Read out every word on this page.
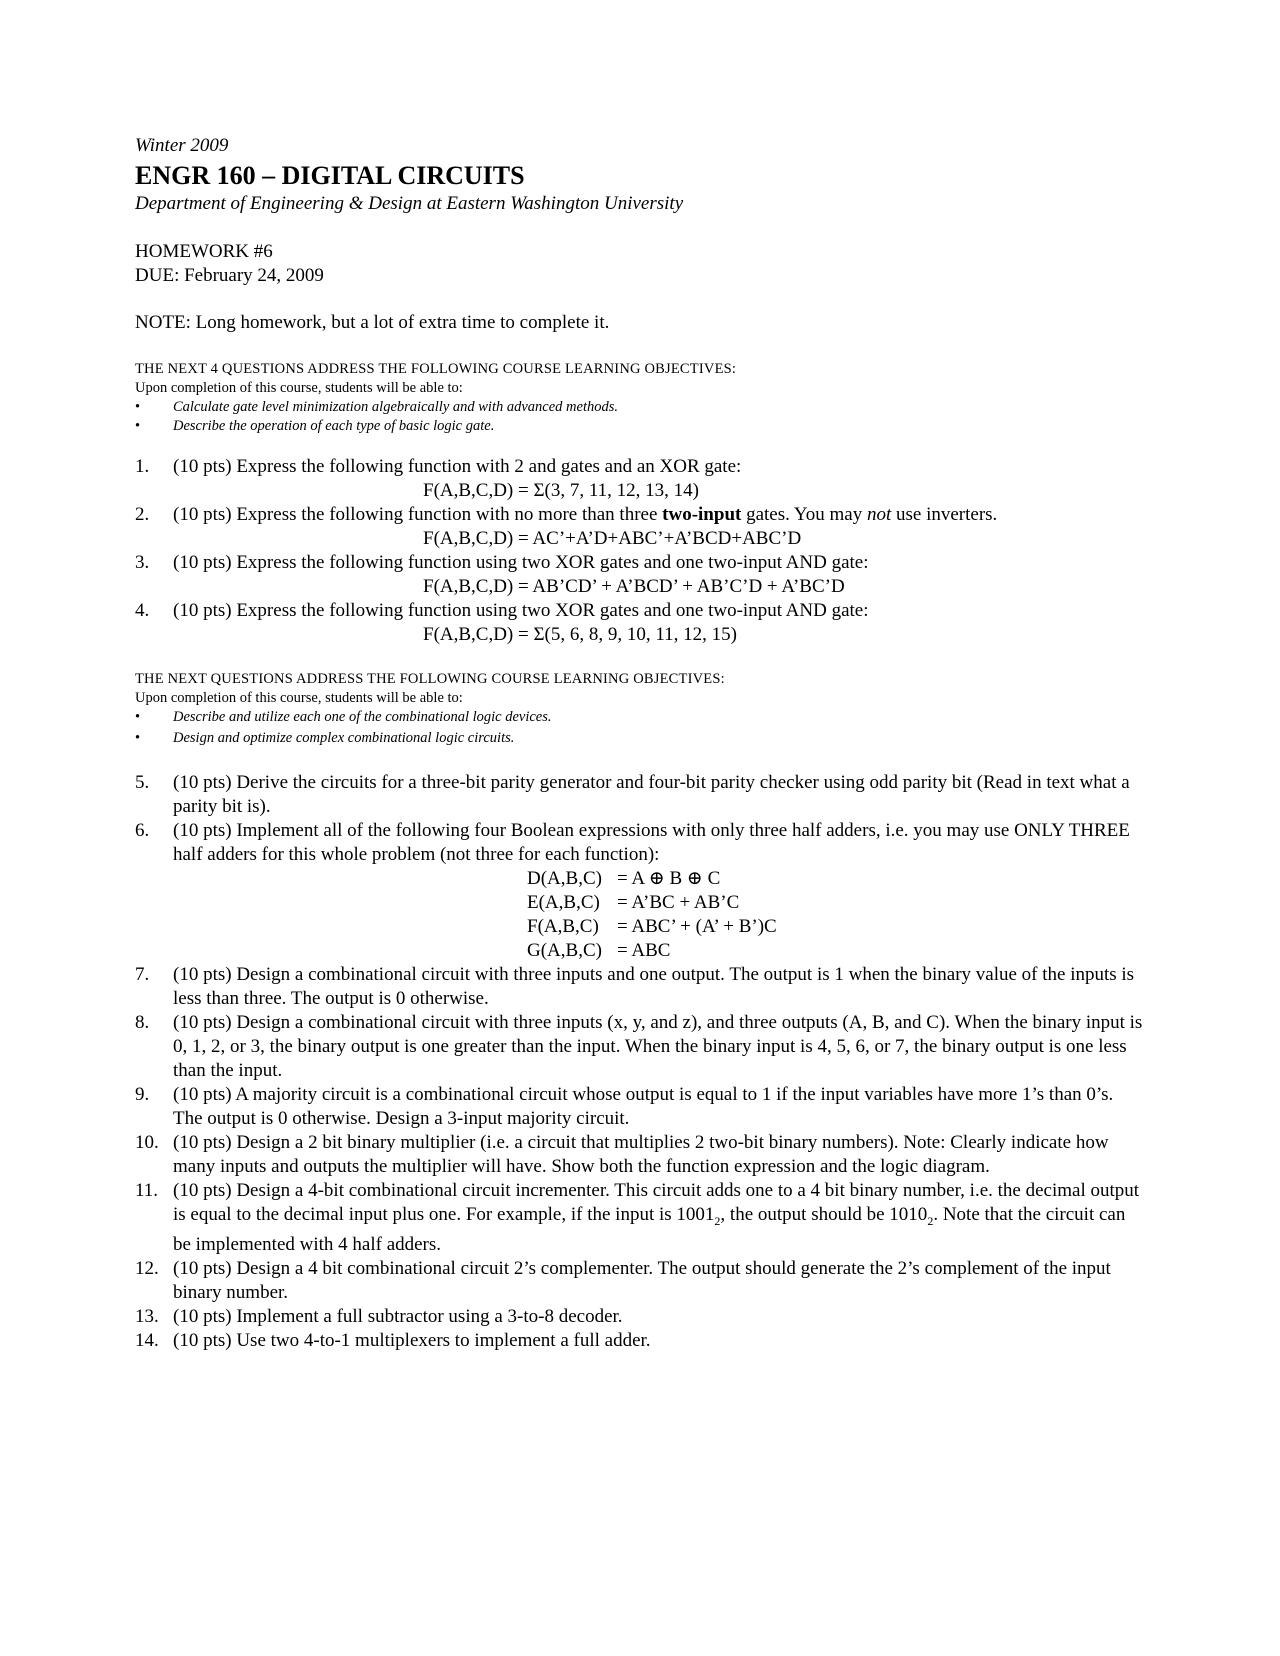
Winter 2009
ENGR 160 – DIGITAL CIRCUITS
Department of Engineering & Design at Eastern Washington University
HOMEWORK #6
DUE: February 24, 2009
NOTE: Long homework, but a lot of extra time to complete it.
THE NEXT 4 QUESTIONS ADDRESS THE FOLLOWING COURSE LEARNING OBJECTIVES:
Upon completion of this course, students will be able to:
• Calculate gate level minimization algebraically and with advanced methods.
• Describe the operation of each type of basic logic gate.
1. (10 pts) Express the following function with 2 and gates and an XOR gate:
F(A,B,C,D) = Σ(3, 7, 11, 12, 13, 14)
2. (10 pts) Express the following function with no more than three two-input gates. You may not use inverters.
F(A,B,C,D) = AC’+A’D+ABC’+A’BCD+ABC’D
3. (10 pts) Express the following function using two XOR gates and one two-input AND gate:
F(A,B,C,D) = AB’CD’ + A’BCD’ + AB’C’D + A’BC’D
4. (10 pts) Express the following function using two XOR gates and one two-input AND gate:
F(A,B,C,D) = Σ(5, 6, 8, 9, 10, 11, 12, 15)
THE NEXT QUESTIONS ADDRESS THE FOLLOWING COURSE LEARNING OBJECTIVES:
Upon completion of this course, students will be able to:
• Describe and utilize each one of the combinational logic devices.
• Design and optimize complex combinational logic circuits.
5. (10 pts) Derive the circuits for a three-bit parity generator and four-bit parity checker using odd parity bit (Read in text what a parity bit is).
6. (10 pts) Implement all of the following four Boolean expressions with only three half adders, i.e. you may use ONLY THREE half adders for this whole problem (not three for each function):
D(A,B,C) = A ⊕ B ⊕ C
E(A,B,C) = A’BC + AB’C
F(A,B,C) = ABC’ + (A’ + B’)C
G(A,B,C) = ABC
7. (10 pts) Design a combinational circuit with three inputs and one output. The output is 1 when the binary value of the inputs is less than three. The output is 0 otherwise.
8. (10 pts) Design a combinational circuit with three inputs (x, y, and z), and three outputs (A, B, and C). When the binary input is 0, 1, 2, or 3, the binary output is one greater than the input. When the binary input is 4, 5, 6, or 7, the binary output is one less than the input.
9. (10 pts) A majority circuit is a combinational circuit whose output is equal to 1 if the input variables have more 1’s than 0’s. The output is 0 otherwise. Design a 3-input majority circuit.
10. (10 pts) Design a 2 bit binary multiplier (i.e. a circuit that multiplies 2 two-bit binary numbers). Note: Clearly indicate how many inputs and outputs the multiplier will have. Show both the function expression and the logic diagram.
11. (10 pts) Design a 4-bit combinational circuit incrementer. This circuit adds one to a 4 bit binary number, i.e. the decimal output is equal to the decimal input plus one. For example, if the input is $1001_2$, the output should be $1010_2$. Note that the circuit can be implemented with 4 half adders.
12. (10 pts) Design a 4 bit combinational circuit 2’s complementer. The output should generate the 2’s complement of the input binary number.
13. (10 pts) Implement a full subtractor using a 3-to-8 decoder.
14. (10 pts) Use two 4-to-1 multiplexers to implement a full adder.
